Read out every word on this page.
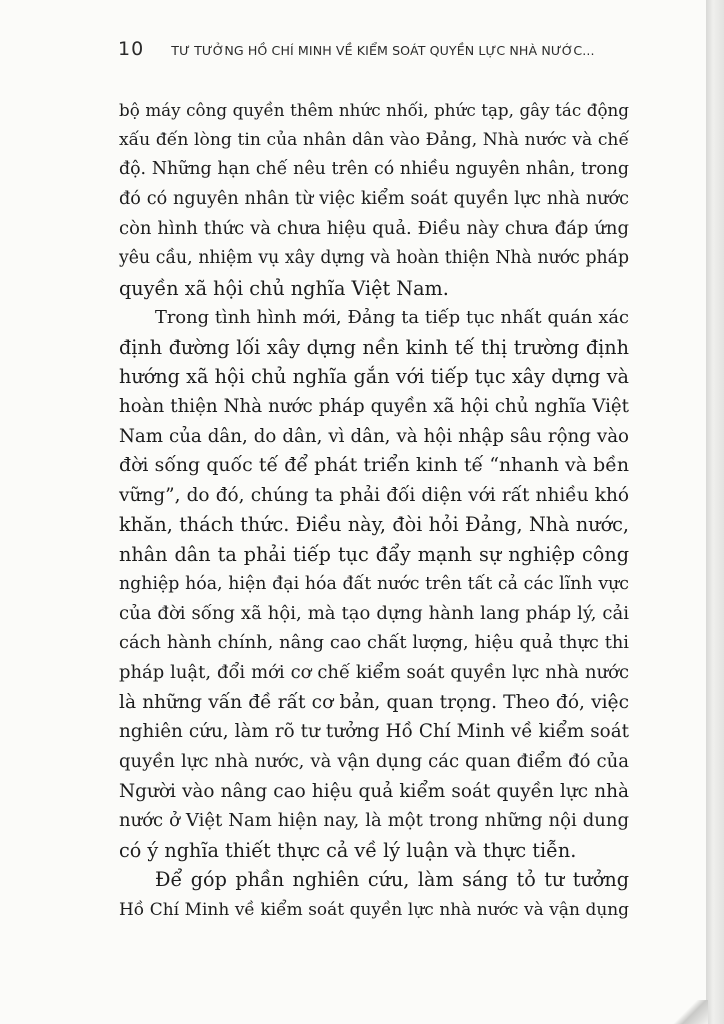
10 TƯ TƯỞNG HỒ CHÍ MINH VỀ KIỂM SOÁT QUYỀN LỰC NHÀ NƯỚC...
bộ máy công quyền thêm nhức nhối, phức tạp, gây tác động
xấu đến lòng tin của nhân dân vào Đảng, Nhà nước và chế
độ. Những hạn chế nêu trên có nhiều nguyên nhân, trong
đó có nguyên nhân từ việc kiểm soát quyền lực nhà nước
còn hình thức và chưa hiệu quả. Điều này chưa đáp ứng
yêu cầu, nhiệm vụ xây dựng và hoàn thiện Nhà nước pháp
quyền xã hội chủ nghĩa Việt Nam.
Trong tình hình mới, Đảng ta tiếp tục nhất quán xác
định đường lối xây dựng nền kinh tế thị trường định
hướng xã hội chủ nghĩa gắn với tiếp tục xây dựng và
hoàn thiện Nhà nước pháp quyền xã hội chủ nghĩa Việt
Nam của dân, do dân, vì dân, và hội nhập sâu rộng vào
đời sống quốc tế để phát triển kinh tế “nhanh và bền
vững”, do đó, chúng ta phải đối diện với rất nhiều khó
khăn, thách thức. Điều này, đòi hỏi Đảng, Nhà nước,
nhân dân ta phải tiếp tục đẩy mạnh sự nghiệp công
nghiệp hóa, hiện đại hóa đất nước trên tất cả các lĩnh vực
của đời sống xã hội, mà tạo dựng hành lang pháp lý, cải
cách hành chính, nâng cao chất lượng, hiệu quả thực thi
pháp luật, đổi mới cơ chế kiểm soát quyền lực nhà nước
là những vấn đề rất cơ bản, quan trọng. Theo đó, việc
nghiên cứu, làm rõ tư tưởng Hồ Chí Minh về kiểm soát
quyền lực nhà nước, và vận dụng các quan điểm đó của
Người vào nâng cao hiệu quả kiểm soát quyền lực nhà
nước ở Việt Nam hiện nay, là một trong những nội dung
có ý nghĩa thiết thực cả về lý luận và thực tiễn.
Để góp phần nghiên cứu, làm sáng tỏ tư tưởng
Hồ Chí Minh về kiểm soát quyền lực nhà nước và vận dụng
